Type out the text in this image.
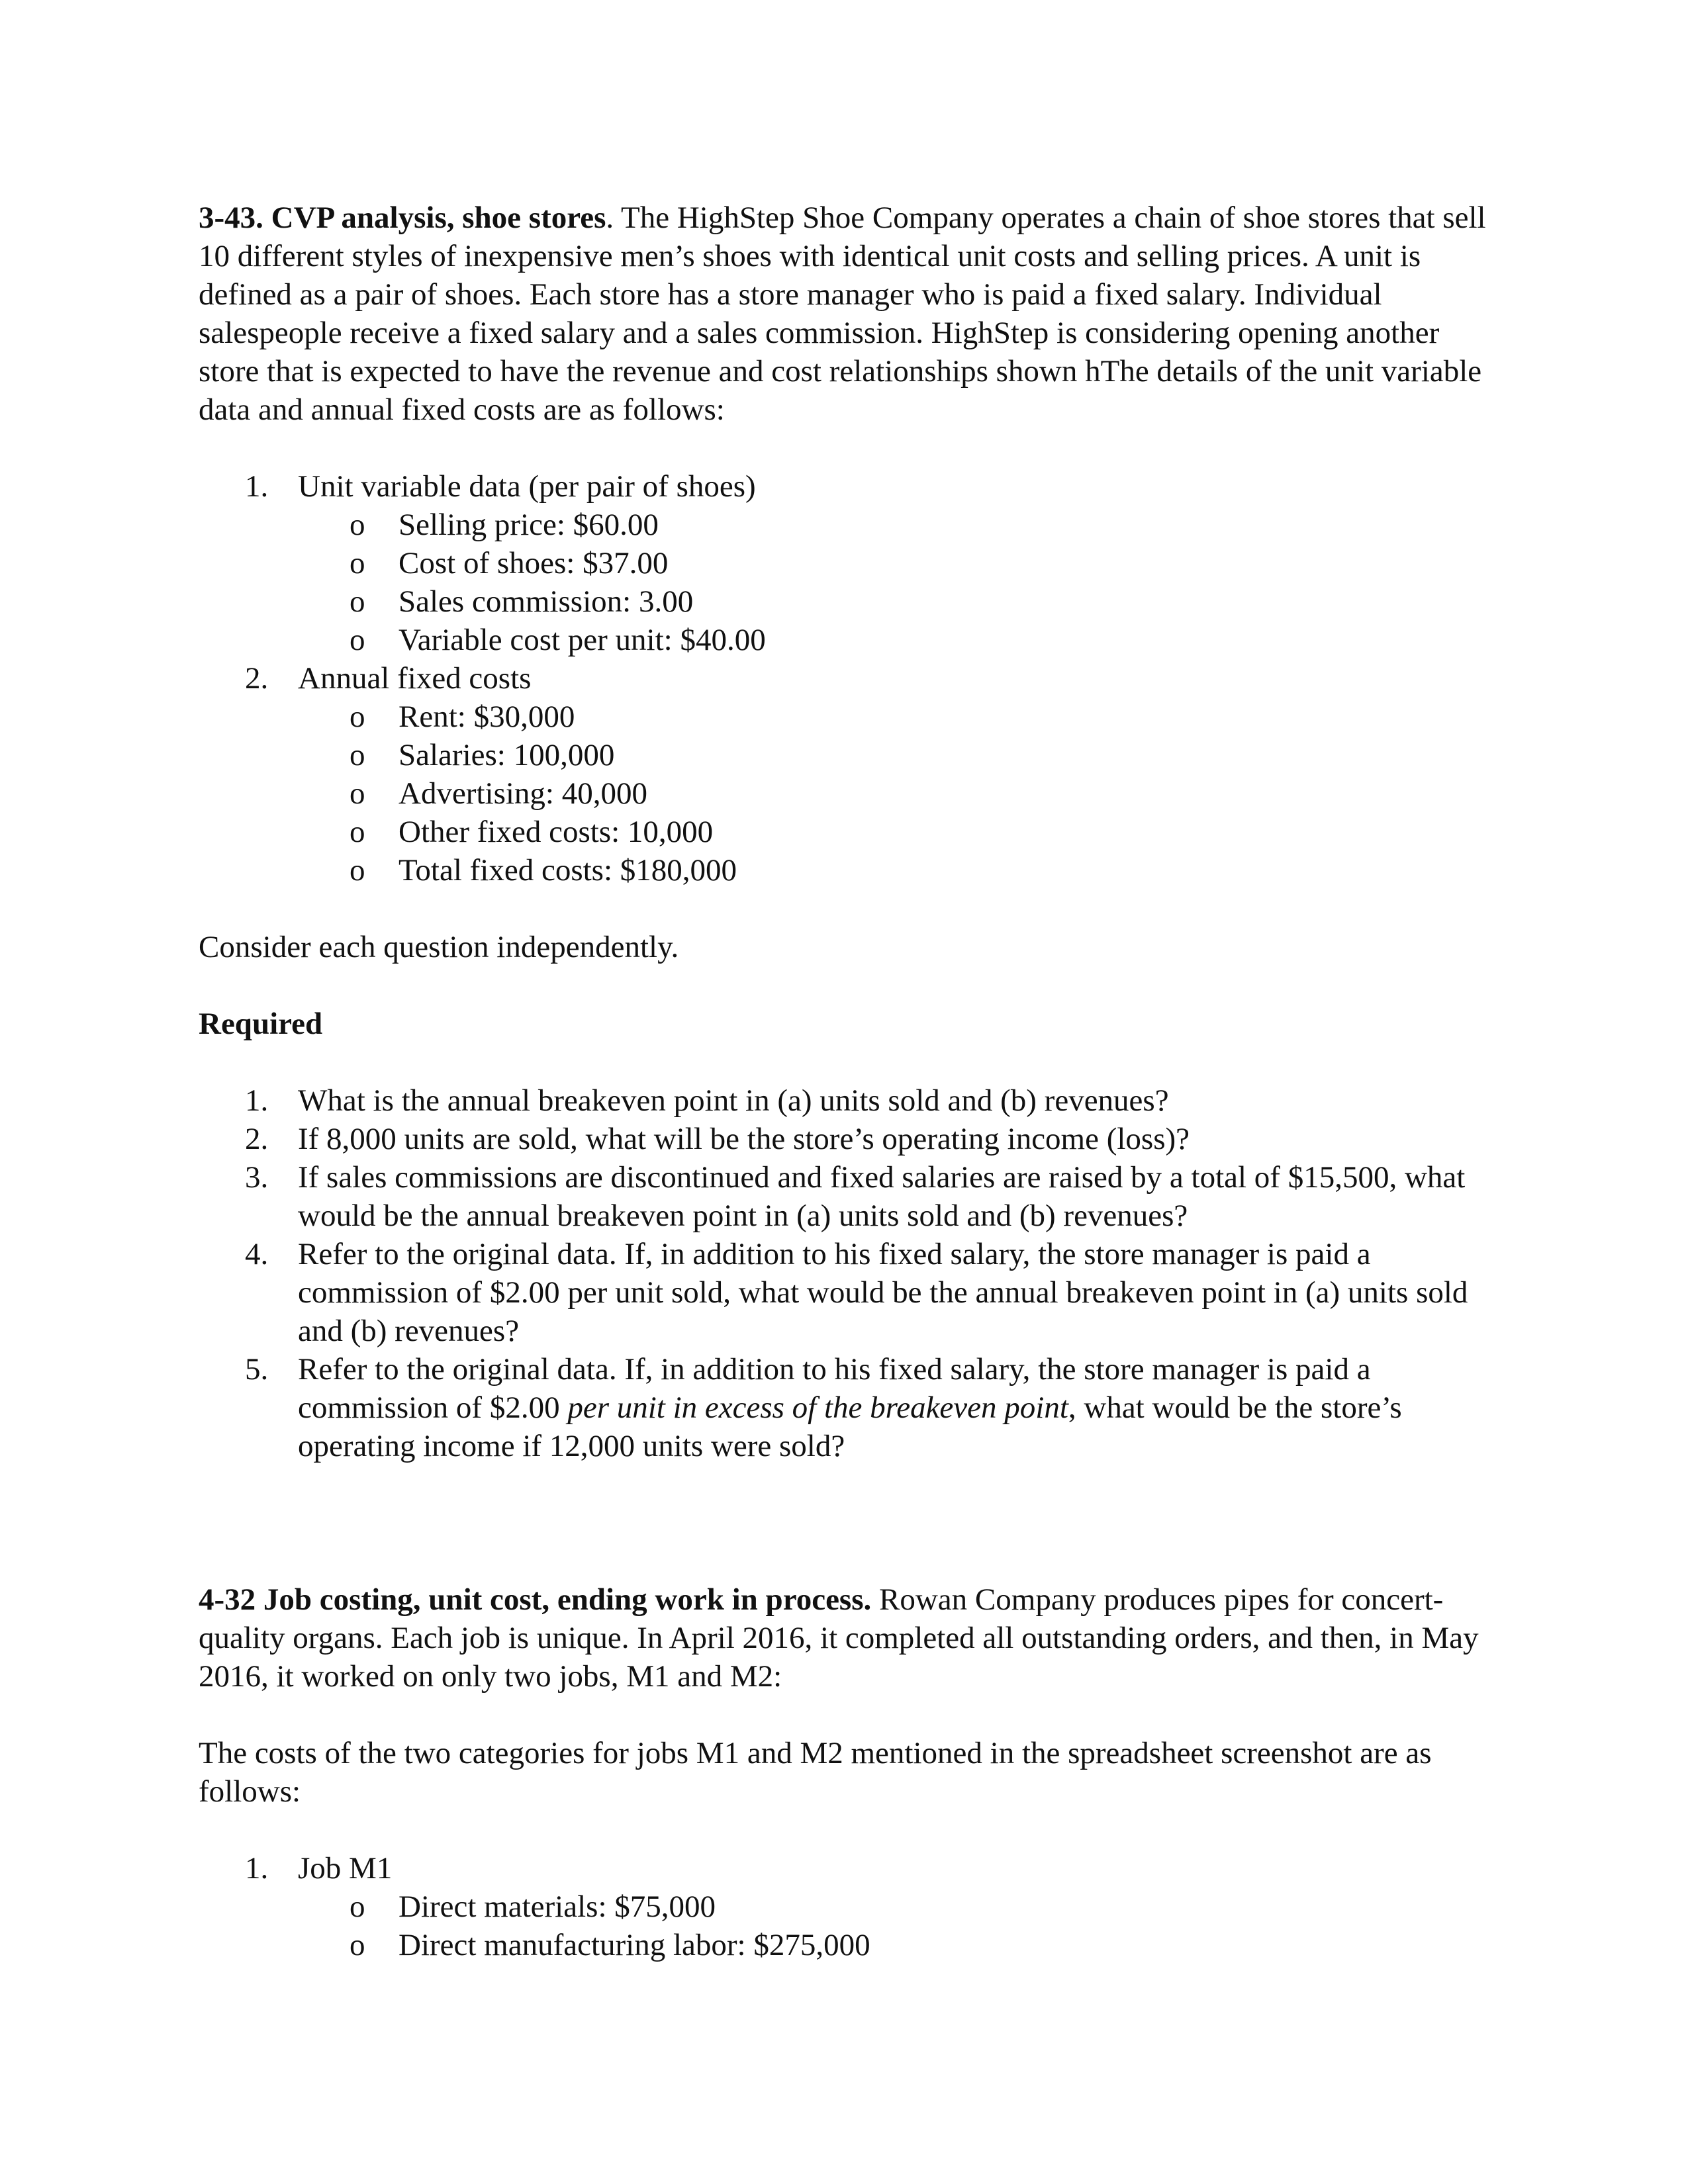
3-43. CVP analysis, shoe stores. The HighStep Shoe Company operates a chain of shoe stores that sell 10 different styles of inexpensive men’s shoes with identical unit costs and selling prices. A unit is defined as a pair of shoes. Each store has a store manager who is paid a fixed salary. Individual salespeople receive a fixed salary and a sales commission. HighStep is considering opening another store that is expected to have the revenue and cost relationships shown hThe details of the unit variable data and annual fixed costs are as follows:

1. Unit variable data (per pair of shoes)
o Selling price: $60.00
o Cost of shoes: $37.00
o Sales commission: 3.00
o Variable cost per unit: $40.00
2. Annual fixed costs
o Rent: $30,000
o Salaries: 100,000
o Advertising: 40,000
o Other fixed costs: 10,000
o Total fixed costs: $180,000

Consider each question independently.

Required

1. What is the annual breakeven point in (a) units sold and (b) revenues?
2. If 8,000 units are sold, what will be the store’s operating income (loss)?
3. If sales commissions are discontinued and fixed salaries are raised by a total of $15,500, what would be the annual breakeven point in (a) units sold and (b) revenues?
4. Refer to the original data. If, in addition to his fixed salary, the store manager is paid a commission of $2.00 per unit sold, what would be the annual breakeven point in (a) units sold and (b) revenues?
5. Refer to the original data. If, in addition to his fixed salary, the store manager is paid a commission of $2.00 per unit in excess of the breakeven point, what would be the store’s operating income if 12,000 units were sold?

4-32 Job costing, unit cost, ending work in process. Rowan Company produces pipes for concert-quality organs. Each job is unique. In April 2016, it completed all outstanding orders, and then, in May 2016, it worked on only two jobs, M1 and M2:

The costs of the two categories for jobs M1 and M2 mentioned in the spreadsheet screenshot are as follows:

1. Job M1
o Direct materials: $75,000
o Direct manufacturing labor: $275,000
